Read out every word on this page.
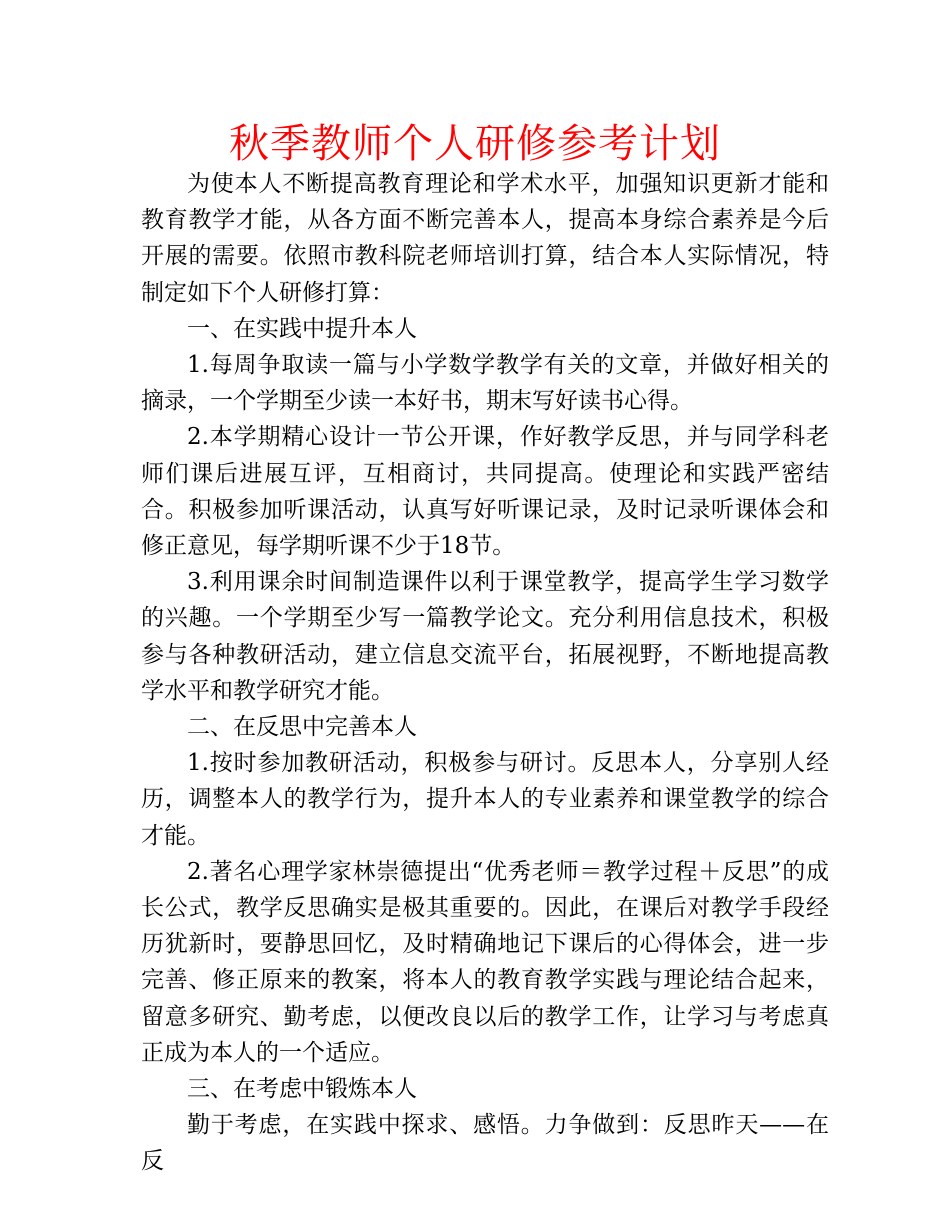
秋季教师个人研修参考计划

为使本人不断提高教育理论和学术水平，加强知识更新才能和教育教学才能，从各方面不断完善本人，提高本身综合素养是今后开展的需要。依照市教科院老师培训打算，结合本人实际情况，特制定如下个人研修打算：

一、在实践中提升本人

1.每周争取读一篇与小学数学教学有关的文章，并做好相关的摘录，一个学期至少读一本好书，期末写好读书心得。

2.本学期精心设计一节公开课，作好教学反思，并与同学科老师们课后进展互评，互相商讨，共同提高。使理论和实践严密结合。积极参加听课活动，认真写好听课记录，及时记录听课体会和修正意见，每学期听课不少于18节。

3.利用课余时间制造课件以利于课堂教学，提高学生学习数学的兴趣。一个学期至少写一篇教学论文。充分利用信息技术，积极参与各种教研活动，建立信息交流平台，拓展视野，不断地提高教学水平和教学研究才能。

二、在反思中完善本人

1.按时参加教研活动，积极参与研讨。反思本人，分享别人经历，调整本人的教学行为，提升本人的专业素养和课堂教学的综合才能。

2.著名心理学家林崇德提出“优秀老师＝教学过程＋反思”的成长公式，教学反思确实是极其重要的。因此，在课后对教学手段经历犹新时，要静思回忆，及时精确地记下课后的心得体会，进一步完善、修正原来的教案，将本人的教育教学实践与理论结合起来，留意多研究、勤考虑，以便改良以后的教学工作，让学习与考虑真正成为本人的一个适应。

三、在考虑中锻炼本人

勤于考虑，在实践中探求、感悟。力争做到：反思昨天——在反
